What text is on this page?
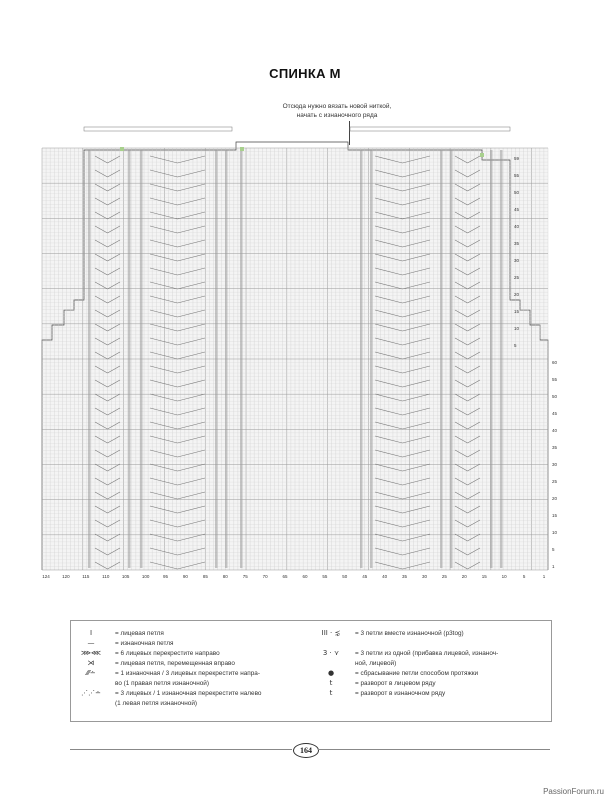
СПИНКА М
Отсюда нужно вязать новой ниткой,
начать с изнаночного ряда
124	120	115	110	105	100	95	90	85	80	75	70	65	60	55	50	45	40	35	30	25	20	15	10	5	1
1
5
10
15
20
25
30
35
40
45
50
55
60
5
10
15
20
25
30
35
40
45
50
55
59
I	= лицевая петля
—	= изнаночная петля
⋙⋘	= 6 лицевых перекрестите направо
⋊	= лицевая петля, перемещенная вправо
⁄⁄⁄∸	= 1 изнаночная / 3 лицевых перекрестите напра-
во (1 правая петля изнаночной)
⋰⋰∸	= 3 лицевых / 1 изнаночная перекрестите налево
(1 левая петля изнаночной)
III · ⋨	= 3 петли вместе изнаночной (p3tog)
3 · ⋎	= 3 петли из одной (прибавка лицевой, изнаноч-
ной, лицевой)
●	= сбрасывание петли способом протяжки
t	= разворот в лицевом ряду
t	= разворот в изнаночном ряду
164
PassionForum.ru
